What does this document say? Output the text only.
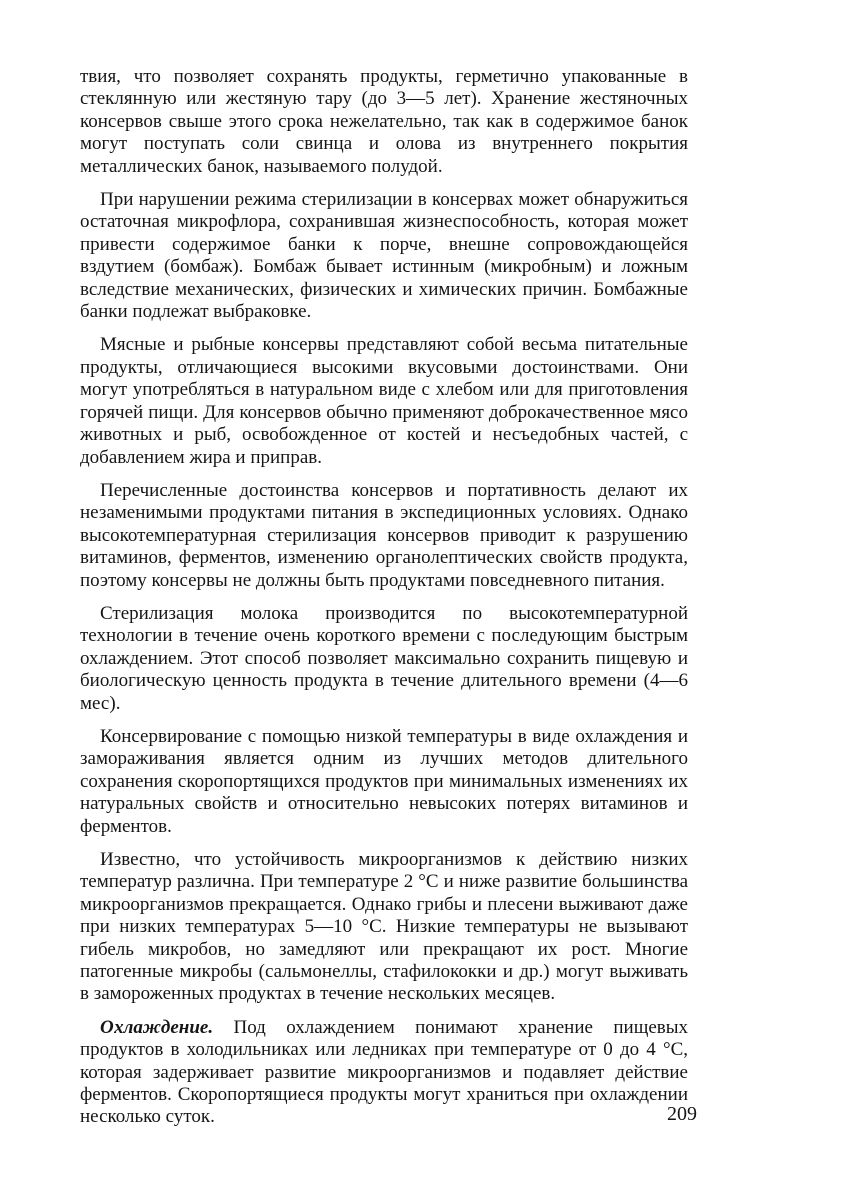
твия, что позволяет сохранять продукты, герметично упакованные в стеклянную или жестяную тару (до 3—5 лет). Хранение жестяночных консервов свыше этого срока нежелательно, так как в содержимое банок могут поступать соли свинца и олова из внутреннего покрытия металлических банок, называемого полудой.

При нарушении режима стерилизации в консервах может обнаружиться остаточная микрофлора, сохранившая жизнеспособность, которая может привести содержимое банки к порче, внешне сопровождающейся вздутием (бомбаж). Бомбаж бывает истинным (микробным) и ложным вследствие механических, физических и химических причин. Бомбажные банки подлежат выбраковке.

Мясные и рыбные консервы представляют собой весьма питательные продукты, отличающиеся высокими вкусовыми достоинствами. Они могут употребляться в натуральном виде с хлебом или для приготовления горячей пищи. Для консервов обычно применяют доброкачественное мясо животных и рыб, освобожденное от костей и несъедобных частей, с добавлением жира и приправ.

Перечисленные достоинства консервов и портативность делают их незаменимыми продуктами питания в экспедиционных условиях. Однако высокотемпературная стерилизация консервов приводит к разрушению витаминов, ферментов, изменению органолептических свойств продукта, поэтому консервы не должны быть продуктами повседневного питания.

Стерилизация молока производится по высокотемпературной технологии в течение очень короткого времени с последующим быстрым охлаждением. Этот способ позволяет максимально сохранить пищевую и биологическую ценность продукта в течение длительного времени (4—6 мес).

Консервирование с помощью низкой температуры в виде охлаждения и замораживания является одним из лучших методов длительного сохранения скоропортящихся продуктов при минимальных изменениях их натуральных свойств и относительно невысоких потерях витаминов и ферментов.

Известно, что устойчивость микроорганизмов к действию низких температур различна. При температуре 2 °С и ниже развитие большинства микроорганизмов прекращается. Однако грибы и плесени выживают даже при низких температурах 5—10 °С. Низкие температуры не вызывают гибель микробов, но замедляют или прекращают их рост. Многие патогенные микробы (сальмонеллы, стафилококки и др.) могут выживать в замороженных продуктах в течение нескольких месяцев.

Охлаждение. Под охлаждением понимают хранение пищевых продуктов в холодильниках или ледниках при температуре от 0 до 4 °С, которая задерживает развитие микроорганизмов и подавляет действие ферментов. Скоропортящиеся продукты могут храниться при охлаждении несколько суток.	209
